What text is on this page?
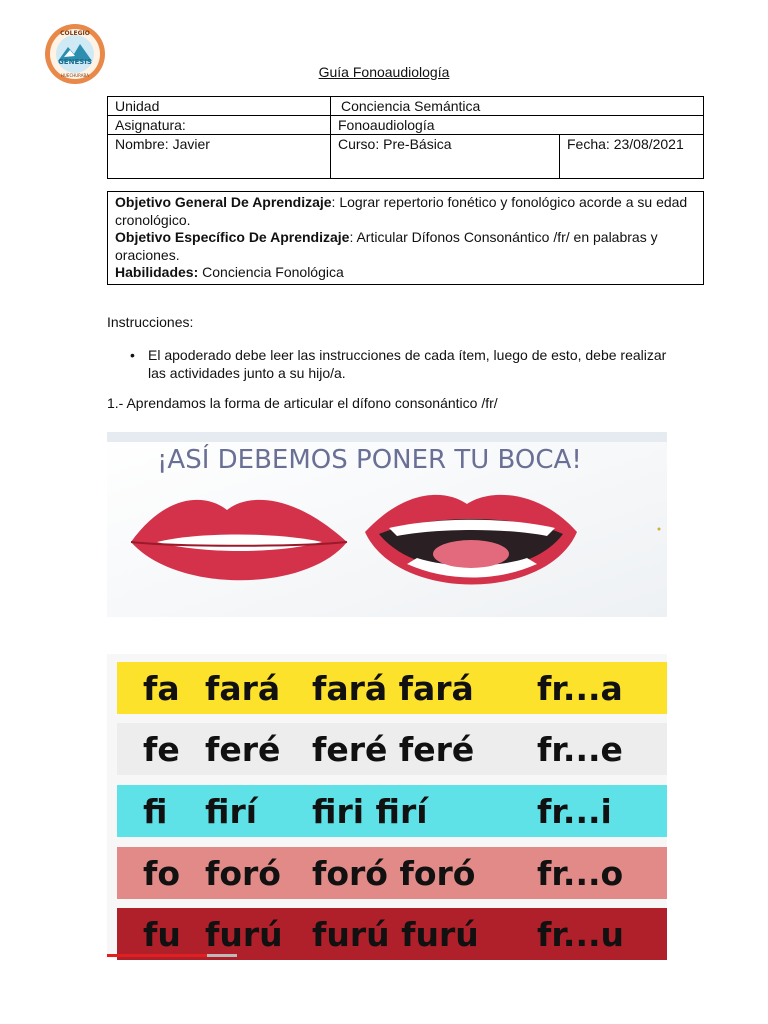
COLEGIO
GÉNESIS
HUECHURABA	Guía Fonoaudiología
Unidad	Conciencia Semántica	
Asignatura:	Fonoaudiología	
Nombre: Javier	Curso: Pre-Básica	Fecha: 23/08/2021
Objetivo General De Aprendizaje: Lograr repertorio fonético y fonológico acorde a su edad cronológico.
Objetivo Específico De Aprendizaje: Articular Dífonos Consonántico /fr/ en palabras y oraciones.
Habilidades: Conciencia Fonológica
Instrucciones:
• El apoderado debe leer las instrucciones de cada ítem, luego de esto, debe realizar las actividades junto a su hijo/a.
1.- Aprendamos la forma de articular el dífono consonántico /fr/
¡ASÍ DEBEMOS PONER TU BOCA!
fa fará fará fará fr...a
fe feré feré feré fr...e
fi firí firi firí	fr...i
fo foró foró foró fr...o
fu furú furú furú fr...u
